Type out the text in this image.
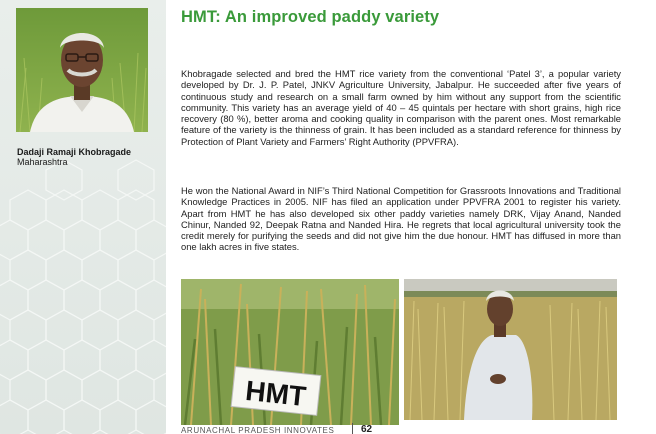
Dadaji Ramaji Khobragade
Maharashtra
HMT: An improved paddy variety

Khobragade selected and bred the HMT rice variety from the conventional ‘Patel 3’, a popular variety developed by Dr. J. P. Patel, JNKV Agriculture University, Jabalpur. He succeeded after five years of continuous study and research on a small farm owned by him without any support from the scientific community. This variety has an average yield of 40 – 45 quintals per hectare with short grains, high rice recovery (80 %), better aroma and cooking quality in comparison with the parent ones. Most remarkable feature of the variety is the thinness of grain. It has been included as a standard reference for thinness by Protection of Plant Variety and Farmers’ Right Authority (PPVFRA).

He won the National Award in NIF’s Third National Competition for Grassroots Innovations and Traditional Knowledge Practices in 2005. NIF has filed an application under PPVFRA 2001 to register his variety. Apart from HMT he has also developed six other paddy varieties namely DRK, Vijay Anand, Nanded Chinur, Nanded 92, Deepak Ratna and Nanded Hira. He regrets that local agricultural university took the credit merely for purifying the seeds and did not give him the due honour. HMT has diffused in more than one lakh acres in five states.

HMT
ARUNACHAL PRADESH INNOVATES	62
